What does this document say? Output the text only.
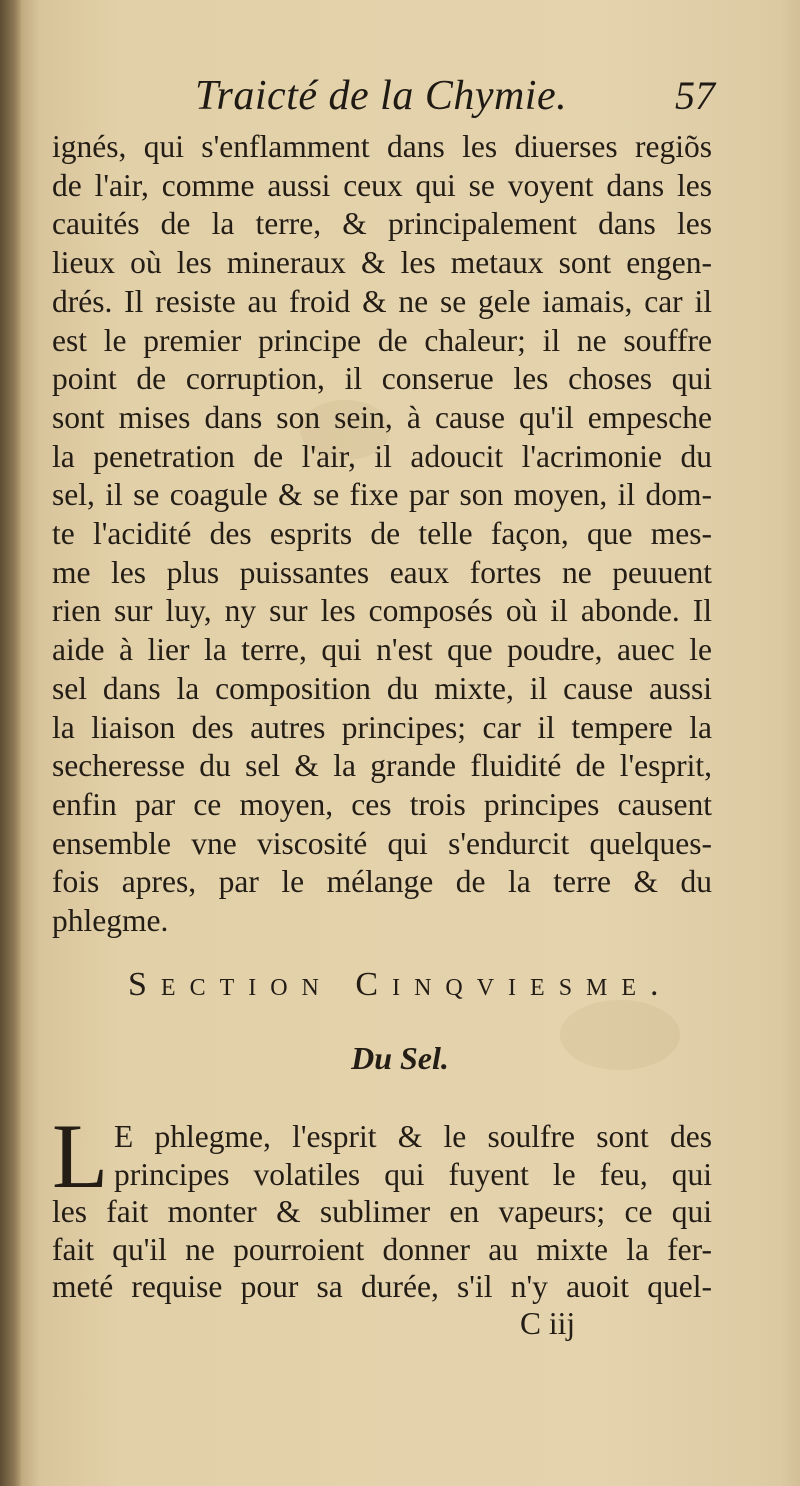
Traicté de la Chymie.	57
ignés, qui s'enflamment dans les diuerses regiõs
de l'air, comme aussi ceux qui se voyent dans les
cauités de la terre, & principalement dans les
lieux où les mineraux & les metaux sont engen-
drés. Il resiste au froid & ne se gele iamais, car il
est le premier principe de chaleur; il ne souffre
point de corruption, il conserue les choses qui
sont mises dans son sein, à cause qu'il empesche
la penetration de l'air, il adoucit l'acrimonie du
sel, il se coagule & se fixe par son moyen, il dom-
te l'acidité des esprits de telle façon, que mes-
me les plus puissantes eaux fortes ne peuuent
rien sur luy, ny sur les composés où il abonde. Il
aide à lier la terre, qui n'est que poudre, auec le
sel dans la composition du mixte, il cause aussi
la liaison des autres principes; car il tempere la
secheresse du sel & la grande fluidité de l'esprit,
enfin par ce moyen, ces trois principes causent
ensemble vne viscosité qui s'endurcit quelques-
fois apres, par le mélange de la terre & du
phlegme.
Section Cinqviesme.
Du Sel.
L E phlegme, l'esprit & le soulfre sont des
principes volatiles qui fuyent le feu, qui
les fait monter & sublimer en vapeurs; ce qui
fait qu'il ne pourroient donner au mixte la fer-
meté requise pour sa durée, s'il n'y auoit quel-
C iij
